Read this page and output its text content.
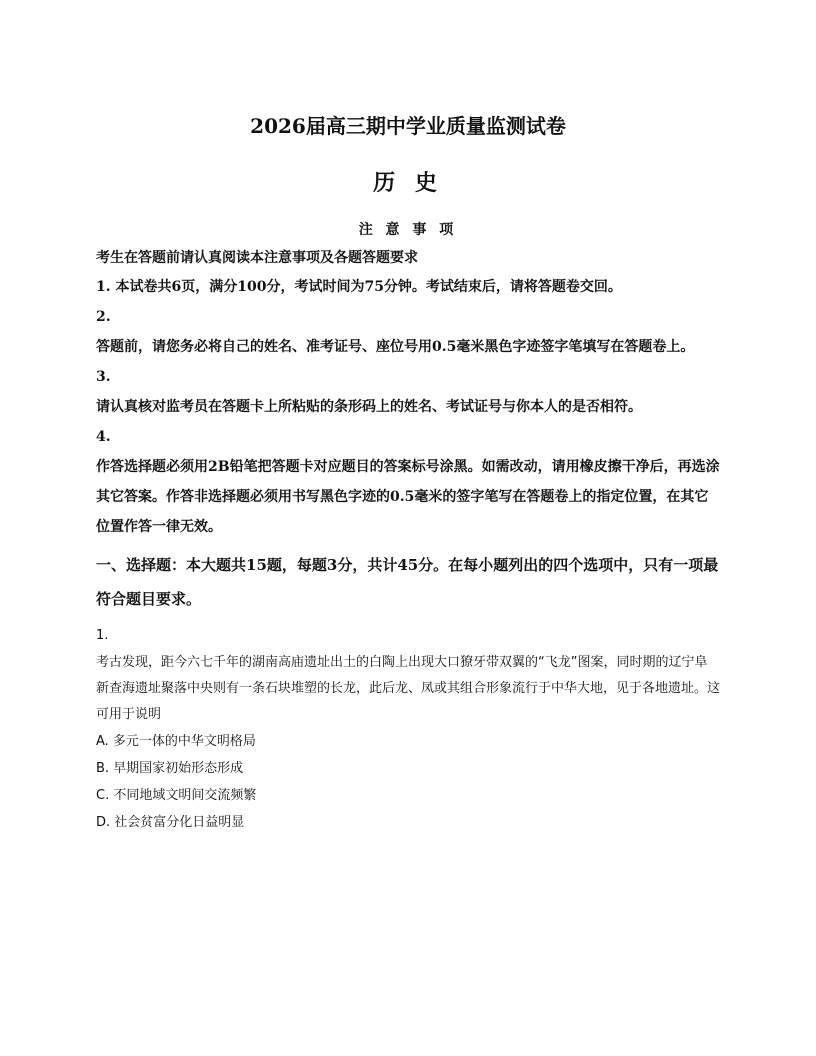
2026届高三期中学业质量监测试卷
历 史
注 意 事 项
考生在答题前请认真阅读本注意事项及各题答题要求

1. 本试卷共6页，满分100分，考试时间为75分钟。考试结束后，请将答题卷交回。

2.

答题前，请您务必将自己的姓名、准考证号、座位号用0.5毫米黑色字迹签字笔填写在答题卷上。

3.

请认真核对监考员在答题卡上所粘贴的条形码上的姓名、考试证号与你本人的是否相符。

4.

作答选择题必须用2B铅笔把答题卡对应题目的答案标号涂黑。如需改动，请用橡皮擦干净后，再选涂其它答案。作答非选择题必须用书写黑色字迹的0.5毫米的签字笔写在答题卷上的指定位置，在其它位置作答一律无效。

一、选择题：本大题共15题，每题3分，共计45分。在每小题列出的四个选项中，只有一项最符合题目要求。
1.
考古发现，距今六七千年的湖南高庙遗址出土的白陶上出现大口獠牙带双翼的“飞龙”图案，同时期的辽宁阜新查海遗址聚落中央则有一条石块堆塑的长龙，此后龙、凤或其组合形象流行于中华大地，见于各地遗址。这可用于说明
A. 多元一体的中华文明格局
B. 早期国家初始形态形成
C. 不同地域文明间交流频繁
D. 社会贫富分化日益明显
